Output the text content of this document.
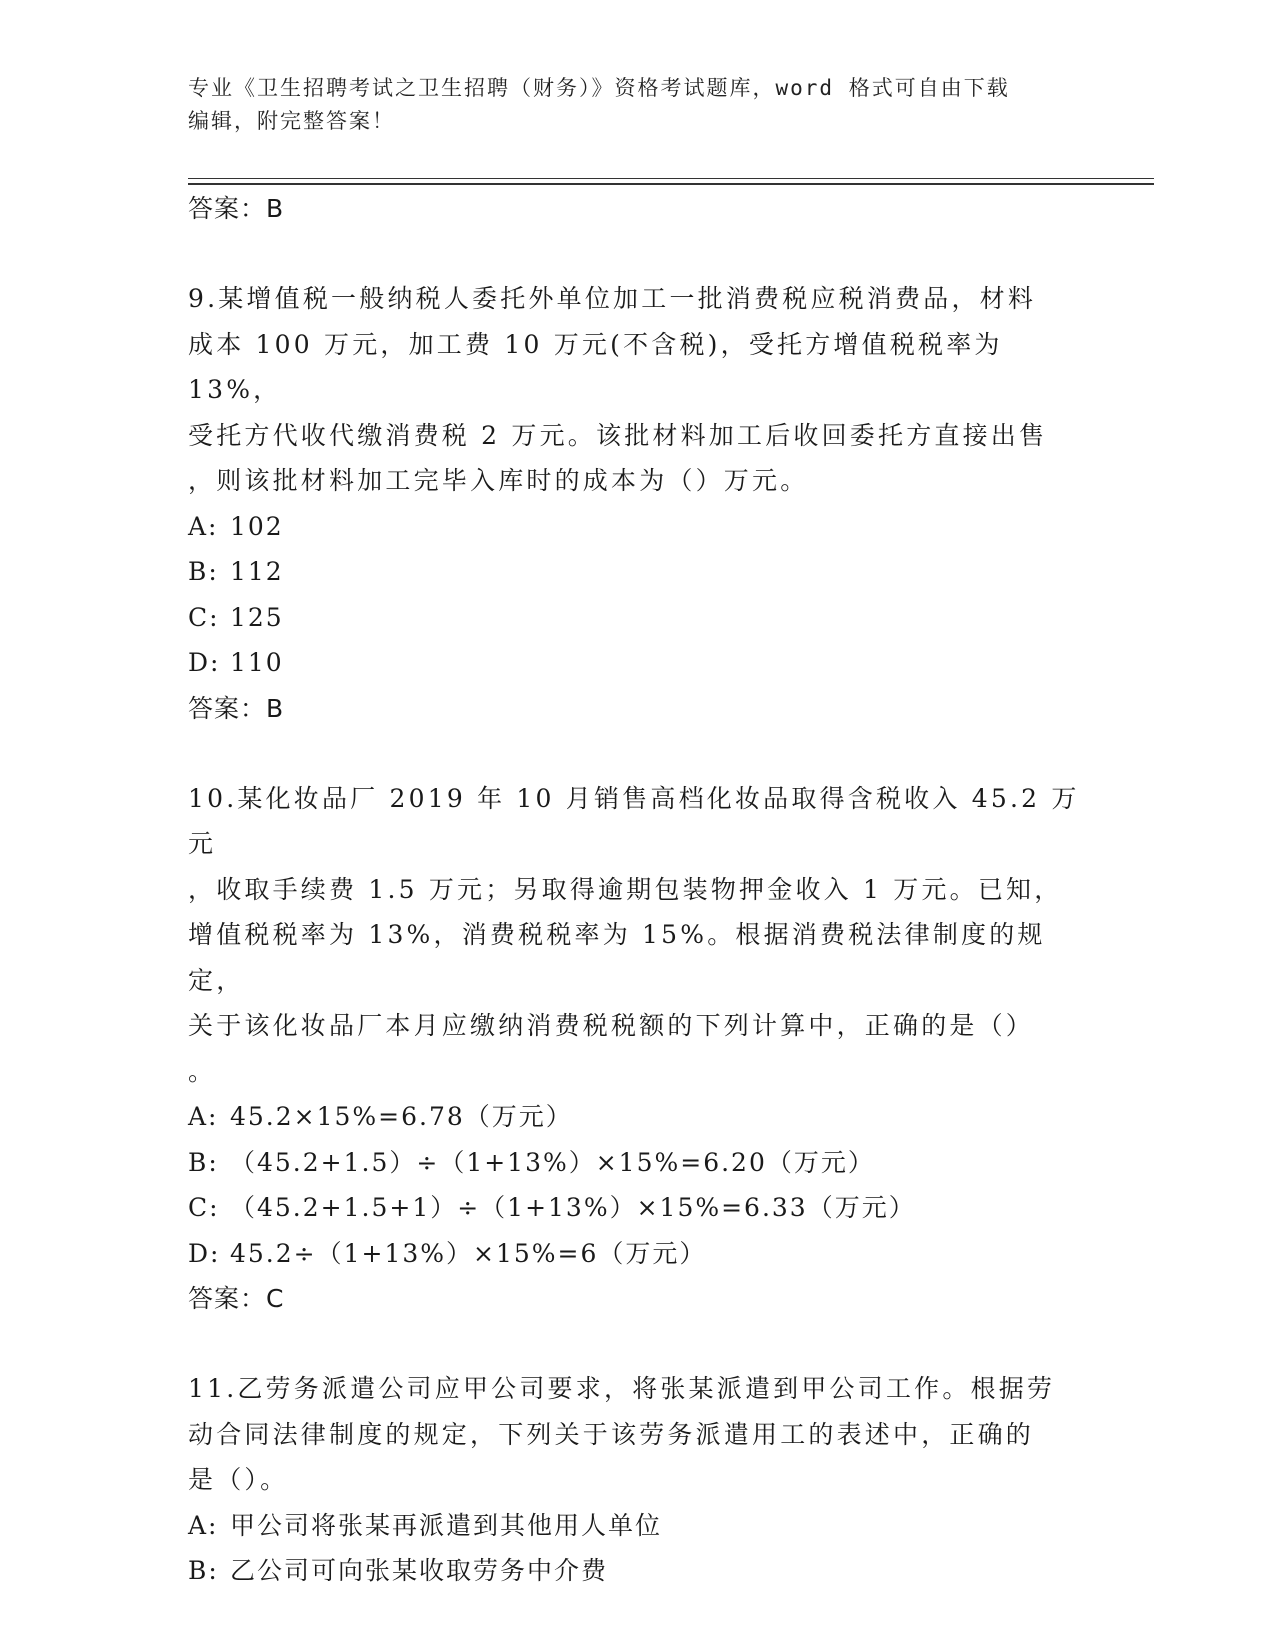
专业《卫生招聘考试之卫生招聘（财务）》资格考试题库，word 格式可自由下载
编辑，附完整答案！
答案：B
9.某增值税一般纳税人委托外单位加工一批消费税应税消费品，材料
成本 100 万元，加工费 10 万元(不含税)，受托方增值税税率为 13%，
受托方代收代缴消费税 2 万元。该批材料加工后收回委托方直接出售
，则该批材料加工完毕入库时的成本为（）万元。
A: 102
B: 112
C: 125
D: 110
答案：B
10.某化妆品厂 2019 年 10 月销售高档化妆品取得含税收入 45.2 万元
，收取手续费 1.5 万元；另取得逾期包装物押金收入 1 万元。已知，
增值税税率为 13%，消费税税率为 15%。根据消费税法律制度的规定，
关于该化妆品厂本月应缴纳消费税税额的下列计算中，正确的是（）
。
A: 45.2×15%=6.78（万元）
B: （45.2+1.5）÷（1+13%）×15%=6.20（万元）
C: （45.2+1.5+1）÷（1+13%）×15%=6.33（万元）
D: 45.2÷（1+13%）×15%=6（万元）
答案：C
11.乙劳务派遣公司应甲公司要求，将张某派遣到甲公司工作。根据劳
动合同法律制度的规定，下列关于该劳务派遣用工的表述中，正确的
是（）。
A: 甲公司将张某再派遣到其他用人单位
B: 乙公司可向张某收取劳务中介费
